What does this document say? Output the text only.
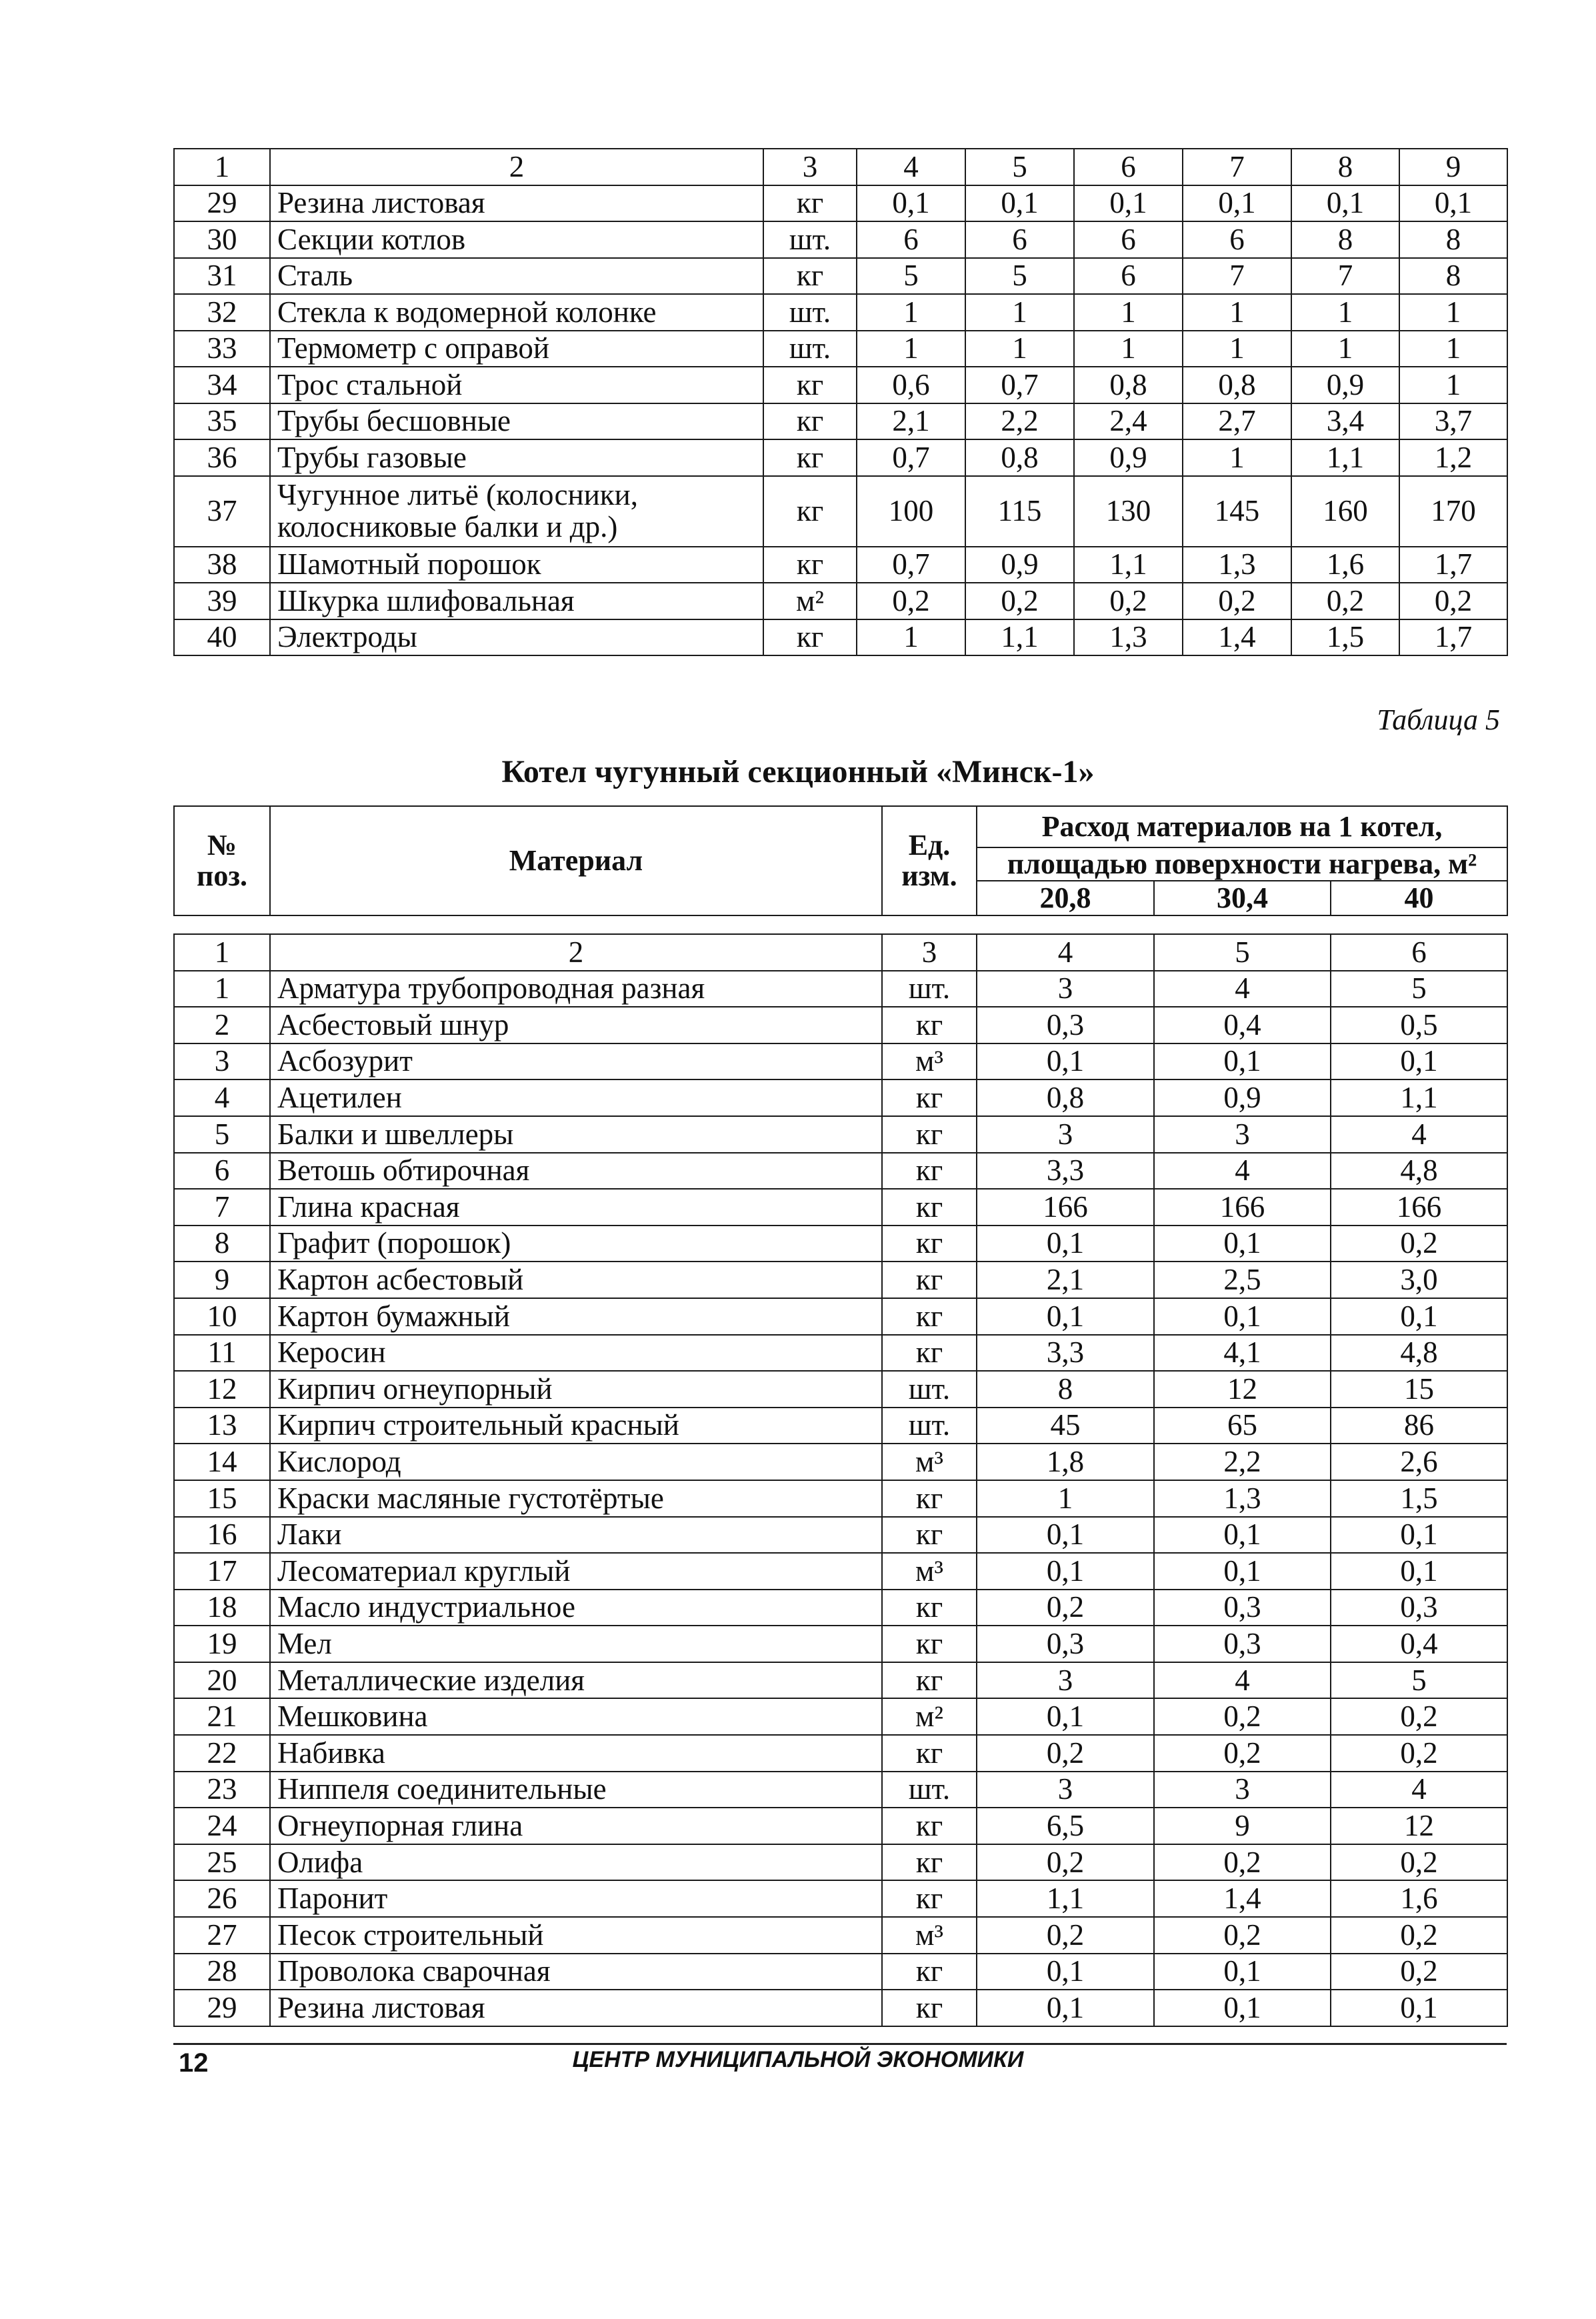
1	2	3	4	5	6	7	8	9
29	Резина листовая	кг	0,1	0,1	0,1	0,1	0,1	0,1
30	Секции котлов	шт.	6	6	6	6	8	8
31	Сталь	кг	5	5	6	7	7	8
32	Стекла к водомерной колонке	шт.	1	1	1	1	1	1
33	Термометр с оправой	шт.	1	1	1	1	1	1
34	Трос стальной	кг	0,6	0,7	0,8	0,8	0,9	1
35	Трубы бесшовные	кг	2,1	2,2	2,4	2,7	3,4	3,7
36	Трубы газовые	кг	0,7	0,8	0,9	1	1,1	1,2
37	Чугунное литьё (колосники, колосниковые балки и др.)	кг	100	115	130	145	160	170
38	Шамотный порошок	кг	0,7	0,9	1,1	1,3	1,6	1,7
39	Шкурка шлифовальная	м²	0,2	0,2	0,2	0,2	0,2	0,2
40	Электроды	кг	1	1,1	1,3	1,4	1,5	1,7
Таблица 5
Котел чугунный секционный «Минск-1»
№ поз.	Материал	Ед. изм.	Расход материалов на 1 котел,		
			площадью поверхности нагрева, м²		
			20,8	30,4	40
1	2	3	4	5	6
1	Арматура трубопроводная разная	шт.	3	4	5
2	Асбестовый шнур	кг	0,3	0,4	0,5
3	Асбозурит	м³	0,1	0,1	0,1
4	Ацетилен	кг	0,8	0,9	1,1
5	Балки и швеллеры	кг	3	3	4
6	Ветошь обтирочная	кг	3,3	4	4,8
7	Глина красная	кг	166	166	166
8	Графит (порошок)	кг	0,1	0,1	0,2
9	Картон асбестовый	кг	2,1	2,5	3,0
10	Картон бумажный	кг	0,1	0,1	0,1
11	Керосин	кг	3,3	4,1	4,8
12	Кирпич огнеупорный	шт.	8	12	15
13	Кирпич строительный красный	шт.	45	65	86
14	Кислород	м³	1,8	2,2	2,6
15	Краски масляные густотёртые	кг	1	1,3	1,5
16	Лаки	кг	0,1	0,1	0,1
17	Лесоматериал круглый	м³	0,1	0,1	0,1
18	Масло индустриальное	кг	0,2	0,3	0,3
19	Мел	кг	0,3	0,3	0,4
20	Металлические изделия	кг	3	4	5
21	Мешковина	м²	0,1	0,2	0,2
22	Набивка	кг	0,2	0,2	0,2
23	Ниппеля соединительные	шт.	3	3	4
24	Огнеупорная глина	кг	6,5	9	12
25	Олифа	кг	0,2	0,2	0,2
26	Паронит	кг	1,1	1,4	1,6
27	Песок строительный	м³	0,2	0,2	0,2
28	Проволока сварочная	кг	0,1	0,1	0,2
29	Резина листовая	кг	0,1	0,1	0,1
12	ЦЕНТР МУНИЦИПАЛЬНОЙ ЭКОНОМИКИ
